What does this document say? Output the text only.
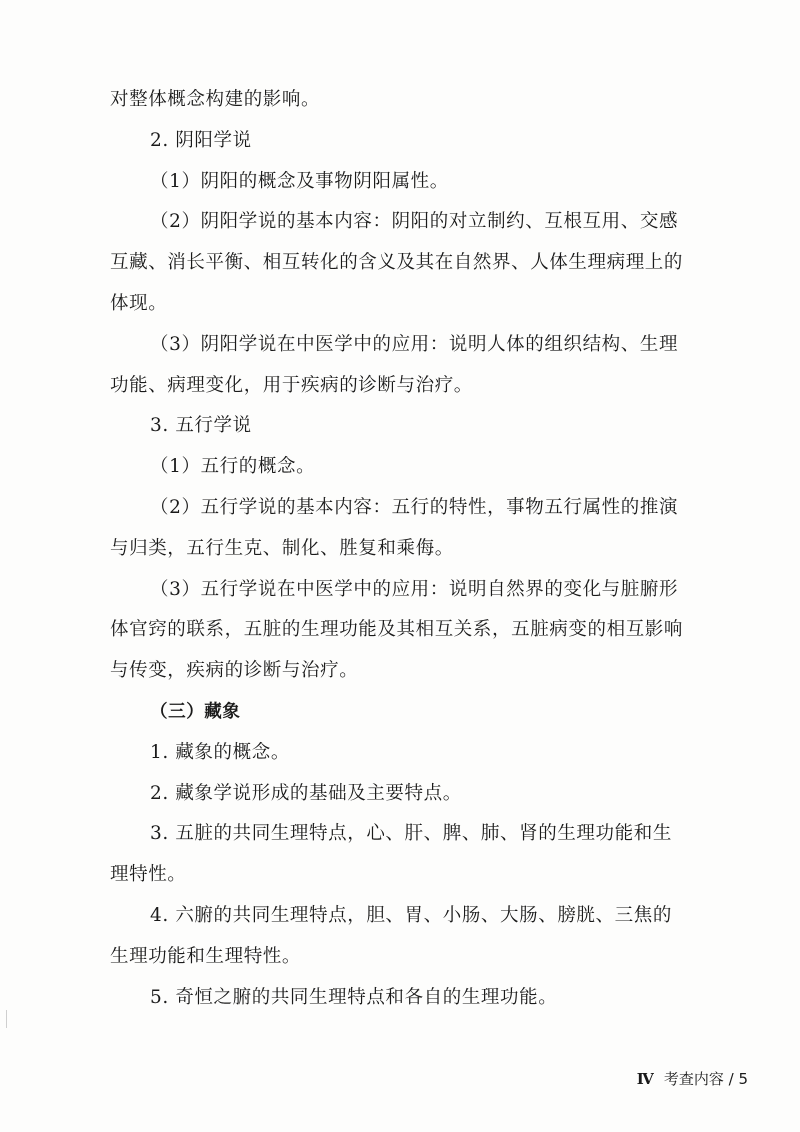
对整体概念构建的影响。
2. 阴阳学说
（1）阴阳的概念及事物阴阳属性。
（2）阴阳学说的基本内容：阴阳的对立制约、互根互用、交感
互藏、消长平衡、相互转化的含义及其在自然界、人体生理病理上的
体现。
（3）阴阳学说在中医学中的应用：说明人体的组织结构、生理
功能、病理变化，用于疾病的诊断与治疗。
3. 五行学说
（1）五行的概念。
（2）五行学说的基本内容：五行的特性，事物五行属性的推演
与归类，五行生克、制化、胜复和乘侮。
（3）五行学说在中医学中的应用：说明自然界的变化与脏腑形
体官窍的联系，五脏的生理功能及其相互关系，五脏病变的相互影响
与传变，疾病的诊断与治疗。
（三）藏象
1. 藏象的概念。
2. 藏象学说形成的基础及主要特点。
3. 五脏的共同生理特点，心、肝、脾、肺、肾的生理功能和生
理特性。
4. 六腑的共同生理特点，胆、胃、小肠、大肠、膀胱、三焦的
生理功能和生理特性。
5. 奇恒之腑的共同生理特点和各自的生理功能。
Ⅳ 考查内容 / 5
